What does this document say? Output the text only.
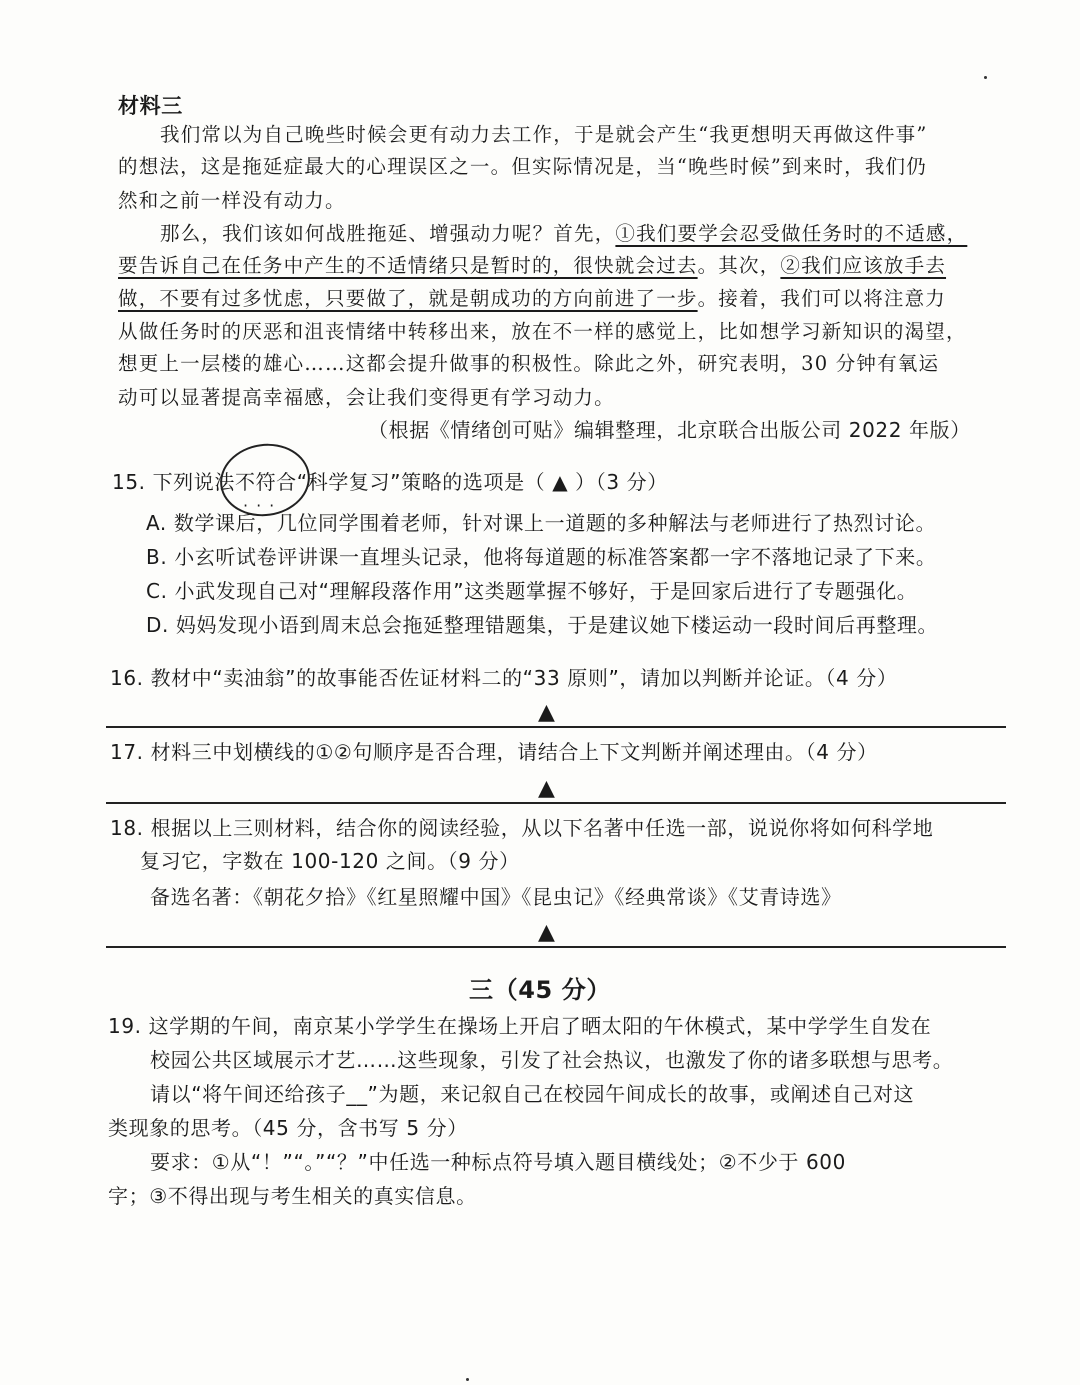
材料三
我们常以为自己晚些时候会更有动力去工作，于是就会产生“我更想明天再做这件事”
的想法，这是拖延症最大的心理误区之一。但实际情况是，当“晚些时候”到来时，我们仍
然和之前一样没有动力。
那么，我们该如何战胜拖延、增强动力呢？首先，①我们要学会忍受做任务时的不适感，
要告诉自己在任务中产生的不适情绪只是暂时的，很快就会过去。其次，②我们应该放手去
做，不要有过多忧虑，只要做了，就是朝成功的方向前进了一步。接着，我们可以将注意力
从做任务时的厌恶和沮丧情绪中转移出来，放在不一样的感觉上，比如想学习新知识的渴望，
想更上一层楼的雄心……这都会提升做事的积极性。除此之外，研究表明，30 分钟有氧运
动可以显著提高幸福感，会让我们变得更有学习动力。
（根据《情绪创可贴》编辑整理，北京联合出版公司 2022 年版）
15. 下列说法不符合“科学复习”策略的选项是（ ▲ ）（3 分）
···
A. 数学课后，几位同学围着老师，针对课上一道题的多种解法与老师进行了热烈讨论。
B. 小玄听试卷评讲课一直埋头记录，他将每道题的标准答案都一字不落地记录了下来。
C. 小武发现自己对“理解段落作用”这类题掌握不够好，于是回家后进行了专题强化。
D. 妈妈发现小语到周末总会拖延整理错题集，于是建议她下楼运动一段时间后再整理。
16. 教材中“卖油翁”的故事能否佐证材料二的“33 原则”，请加以判断并论证。（4 分）
▲
17. 材料三中划横线的①②句顺序是否合理，请结合上下文判断并阐述理由。（4 分）
▲
18. 根据以上三则材料，结合你的阅读经验，从以下名著中任选一部，说说你将如何科学地
复习它，字数在 100-120 之间。（9 分）
备选名著：《朝花夕拾》《红星照耀中国》《昆虫记》《经典常谈》《艾青诗选》
▲
三（45 分）
19. 这学期的午间，南京某小学学生在操场上开启了晒太阳的午休模式，某中学学生自发在
校园公共区域展示才艺……这些现象，引发了社会热议，也激发了你的诸多联想与思考。
请以“将午间还给孩子__”为题，来记叙自己在校园午间成长的故事，或阐述自己对这
类现象的思考。（45 分，含书写 5 分）
要求：①从“！”“。”“？”中任选一种标点符号填入题目横线处；②不少于 600
字；③不得出现与考生相关的真实信息。
